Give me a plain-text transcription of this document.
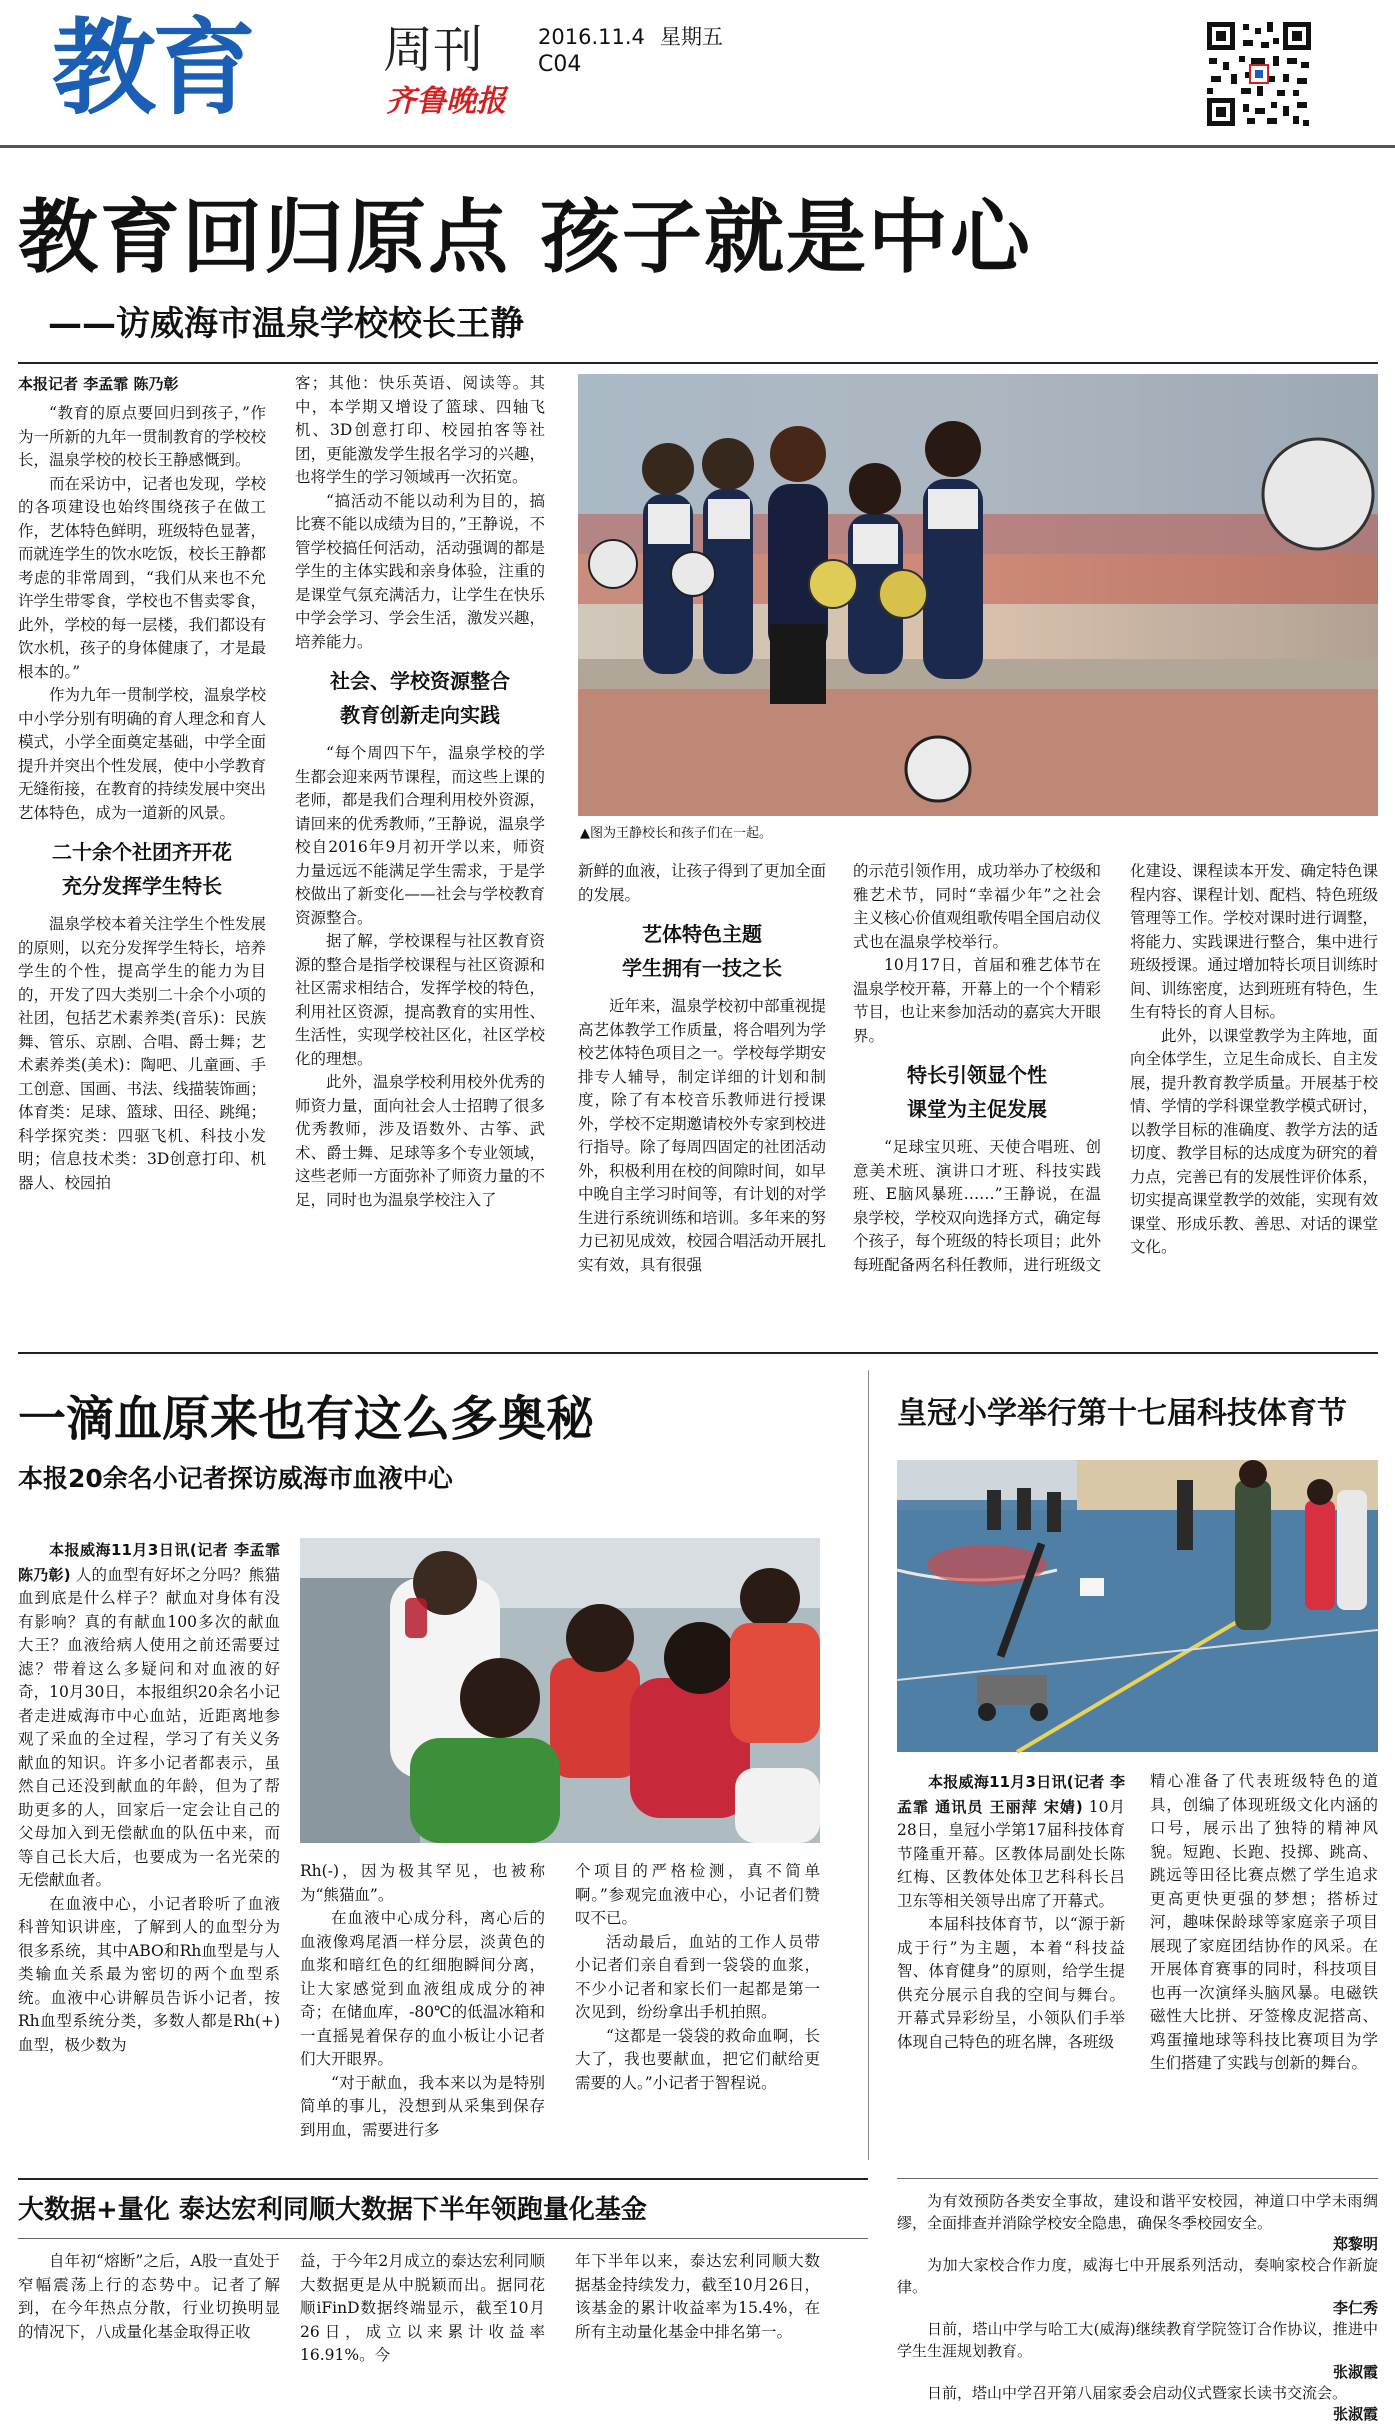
教育	周刊	2016.11.4 星期五
C04
齐鲁晚报
教育回归原点 孩子就是中心
——访威海市温泉学校校长王静
▲图为王静校长和孩子们在一起。
本报记者 李孟霏 陈乃彰

“教育的原点要回归到孩子，”作为一所新的九年一贯制教育的学校校长，温泉学校的校长王静感慨到。

而在采访中，记者也发现，学校的各项建设也始终围绕孩子在做工作，艺体特色鲜明，班级特色显著，而就连学生的饮水吃饭，校长王静都考虑的非常周到，“我们从来也不允许学生带零食，学校也不售卖零食，此外，学校的每一层楼，我们都设有饮水机，孩子的身体健康了，才是最根本的。”

作为九年一贯制学校，温泉学校中小学分别有明确的育人理念和育人模式，小学全面奠定基础，中学全面提升并突出个性发展，使中小学教育无缝衔接，在教育的持续发展中突出艺体特色，成为一道新的风景。

二十余个社团齐开花
充分发挥学生特长

温泉学校本着关注学生个性发展的原则，以充分发挥学生特长，培养学生的个性，提高学生的能力为目的，开发了四大类别二十余个小项的社团，包括艺术素养类(音乐)：民族舞、管乐、京剧、合唱、爵士舞；艺术素养类(美术)：陶吧、儿童画、手工创意、国画、书法、线描装饰画；体育类：足球、篮球、田径、跳绳；科学探究类：四驱飞机、科技小发明；信息技术类：3D创意打印、机器人、校园拍

客；其他：快乐英语、阅读等。其中，本学期又增设了篮球、四轴飞机、3D创意打印、校园拍客等社团，更能激发学生报名学习的兴趣，也将学生的学习领域再一次拓宽。

“搞活动不能以动利为目的，搞比赛不能以成绩为目的，”王静说，不管学校搞任何活动，活动强调的都是学生的主体实践和亲身体验，注重的是课堂气氛充满活力，让学生在快乐中学会学习、学会生活，激发兴趣，培养能力。

社会、学校资源整合
教育创新走向实践

“每个周四下午，温泉学校的学生都会迎来两节课程，而这些上课的老师，都是我们合理利用校外资源，请回来的优秀教师，”王静说，温泉学校自2016年9月初开学以来，师资力量远远不能满足学生需求，于是学校做出了新变化——社会与学校教育资源整合。

据了解，学校课程与社区教育资源的整合是指学校课程与社区资源和社区需求相结合，发挥学校的特色，利用社区资源，提高教育的实用性、生活性，实现学校社区化，社区学校化的理想。

此外，温泉学校利用校外优秀的师资力量，面向社会人士招聘了很多优秀教师，涉及语数外、古筝、武术、爵士舞、足球等多个专业领域，这些老师一方面弥补了师资力量的不足，同时也为温泉学校注入了

新鲜的血液，让孩子得到了更加全面的发展。

艺体特色主题
学生拥有一技之长

近年来，温泉学校初中部重视提高艺体教学工作质量，将合唱列为学校艺体特色项目之一。学校每学期安排专人辅导，制定详细的计划和制度，除了有本校音乐教师进行授课外，学校不定期邀请校外专家到校进行指导。除了每周四固定的社团活动外，积极利用在校的间隙时间，如早中晚自主学习时间等，有计划的对学生进行系统训练和培训。多年来的努力已初见成效，校园合唱活动开展扎实有效，具有很强

的示范引领作用，成功举办了校级和雅艺术节，同时“幸福少年”之社会主义核心价值观组歌传唱全国启动仪式也在温泉学校举行。

10月17日，首届和雅艺体节在温泉学校开幕，开幕上的一个个精彩节目，也让来参加活动的嘉宾大开眼界。

特长引领显个性
课堂为主促发展

“足球宝贝班、天使合唱班、创意美术班、演讲口才班、科技实践班、E脑风暴班……”王静说，在温泉学校，学校双向选择方式，确定每个孩子，每个班级的特长项目；此外每班配备两名科任教师，进行班级文

化建设、课程读本开发、确定特色课程内容、课程计划、配档、特色班级管理等工作。学校对课时进行调整，将能力、实践课进行整合，集中进行班级授课。通过增加特长项目训练时间、训练密度，达到班班有特色，生生有特长的育人目标。

此外，以课堂教学为主阵地，面向全体学生，立足生命成长、自主发展，提升教育教学质量。开展基于校情、学情的学科课堂教学模式研讨，以教学目标的准确度、教学方法的适切度、教学目标的达成度为研究的着力点，完善已有的发展性评价体系，切实提高课堂教学的效能，实现有效课堂、形成乐教、善思、对话的课堂文化。

一滴血原来也有这么多奥秘
本报20余名小记者探访威海市血液中心

本报威海11月3日讯(记者 李孟霏 陈乃彰) 人的血型有好坏之分吗？熊猫血到底是什么样子？献血对身体有没有影响？真的有献血100多次的献血大王？血液给病人使用之前还需要过滤？带着这么多疑问和对血液的好奇，10月30日，本报组织20余名小记者走进威海市中心血站，近距离地参观了采血的全过程，学习了有关义务献血的知识。许多小记者都表示，虽然自己还没到献血的年龄，但为了帮助更多的人，回家后一定会让自己的父母加入到无偿献血的队伍中来，而等自己长大后，也要成为一名光荣的无偿献血者。

在血液中心，小记者聆听了血液科普知识讲座，了解到人的血型分为很多系统，其中ABO和Rh血型是与人类输血关系最为密切的两个血型系统。血液中心讲解员告诉小记者，按Rh血型系统分类，多数人都是Rh(+)血型，极少数为

Rh(-)，因为极其罕见，也被称为“熊猫血”。

在血液中心成分科，离心后的血液像鸡尾酒一样分层，淡黄色的血浆和暗红色的红细胞瞬间分离，让大家感觉到血液组成成分的神奇；在储血库，-80℃的低温冰箱和一直摇晃着保存的血小板让小记者们大开眼界。

“对于献血，我本来以为是特别简单的事儿，没想到从采集到保存到用血，需要进行多

个项目的严格检测，真不简单啊。”参观完血液中心，小记者们赞叹不已。

活动最后，血站的工作人员带小记者们亲自看到一袋袋的血浆，不少小记者和家长们一起都是第一次见到，纷纷拿出手机拍照。

“这都是一袋袋的救命血啊，长大了，我也要献血，把它们献给更需要的人。”小记者于智程说。

皇冠小学举行第十七届科技体育节

本报威海11月3日讯(记者 李孟霏 通讯员 王丽萍 宋婧) 10月28日，皇冠小学第17届科技体育节隆重开幕。区教体局副处长陈红梅、区教体处体卫艺科科长吕卫东等相关领导出席了开幕式。

本届科技体育节，以“源于新 成于行”为主题，本着“科技益智、体育健身”的原则，给学生提供充分展示自我的空间与舞台。开幕式异彩纷呈，小领队们手举体现自己特色的班名牌，各班级

精心准备了代表班级特色的道具，创编了体现班级文化内涵的口号，展示出了独特的精神风貌。短跑、长跑、投掷、跳高、跳远等田径比赛点燃了学生追求更高更快更强的梦想；搭桥过河，趣味保龄球等家庭亲子项目展现了家庭团结协作的风采。在开展体育赛事的同时，科技项目也再一次演绎头脑风暴。电磁铁磁性大比拼、牙签橡皮泥搭高、鸡蛋撞地球等科技比赛项目为学生们搭建了实践与创新的舞台。

大数据+量化 泰达宏利同顺大数据下半年领跑量化基金

自年初“熔断”之后，A股一直处于窄幅震荡上行的态势中。记者了解到，在今年热点分散，行业切换明显的情况下，八成量化基金取得正收

益，于今年2月成立的泰达宏利同顺大数据更是从中脱颖而出。据同花顺iFinD数据终端显示，截至10月26日，成立以来累计收益率16.91%。今

年下半年以来，泰达宏利同顺大数据基金持续发力，截至10月26日，该基金的累计收益率为15.4%，在所有主动量化基金中排名第一。

为有效预防各类安全事故，建设和谐平安校园，神道口中学未雨绸缪，全面排查并消除学校安全隐患，确保冬季校园安全。

郑黎明

为加大家校合作力度，威海七中开展系列活动，奏响家校合作新旋律。

李仁秀

日前，塔山中学与哈工大(威海)继续教育学院签订合作协议，推进中学生生涯规划教育。

张淑霞

日前，塔山中学召开第八届家委会启动仪式暨家长读书交流会。

张淑霞
